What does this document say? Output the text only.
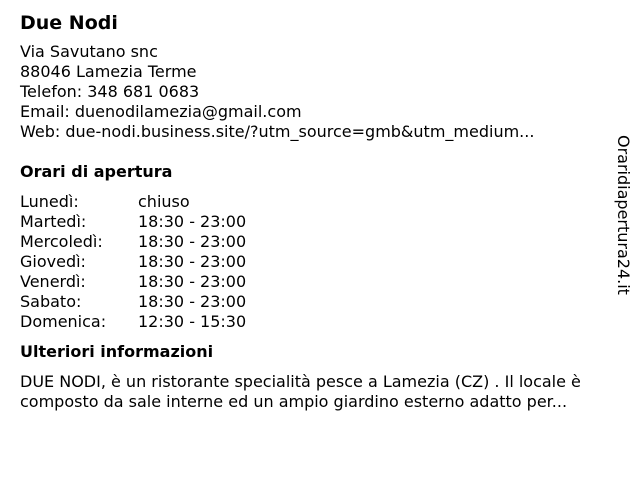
Due Nodi
Via Savutano snc
88046 Lamezia Terme
Telefon: 348 681 0683
Email: duenodilamezia@gmail.com
Web: due-nodi.business.site/?utm_source=gmb&utm_medium...
Orari di apertura
Lunedì:	chiuso
Martedì:	18:30 - 23:00
Mercoledì:	18:30 - 23:00
Giovedì:	18:30 - 23:00
Venerdì:	18:30 - 23:00
Sabato:	18:30 - 23:00
Domenica:	12:30 - 15:30
Ulteriori informazioni
DUE NODI, è un ristorante specialità pesce a Lamezia (CZ) . Il locale è composto da sale interne ed un ampio giardino esterno adatto per...
Oraridiapertura24.it
